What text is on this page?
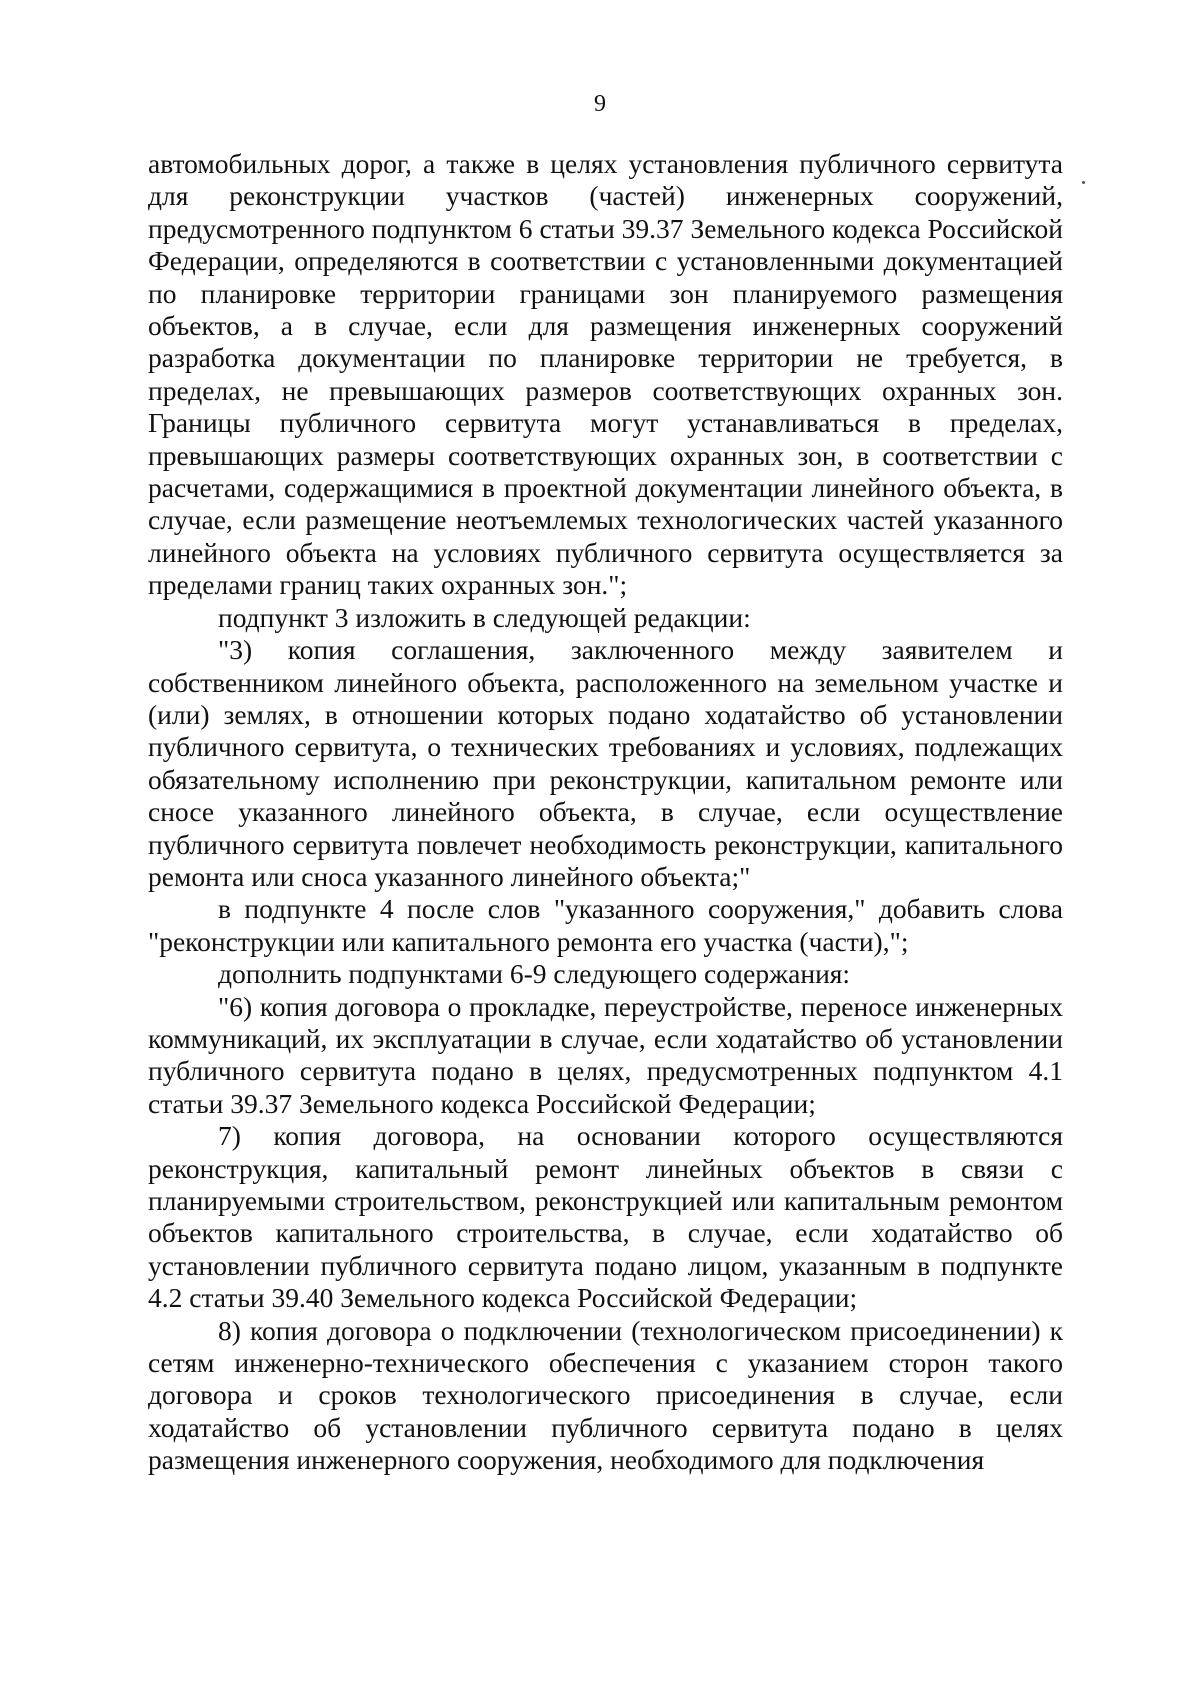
9

автомобильных дорог, а также в целях установления публичного сервитута для реконструкции участков (частей) инженерных сооружений, предусмотренного подпунктом 6 статьи 39.37 Земельного кодекса Российской Федерации, определяются в соответствии с установленными документацией по планировке территории границами зон планируемого размещения объектов, а в случае, если для размещения инженерных сооружений разработка документации по планировке территории не требуется, в пределах, не превышающих размеров соответствующих охранных зон. Границы публичного сервитута могут устанавливаться в пределах, превышающих размеры соответствующих охранных зон, в соответствии с расчетами, содержащимися в проектной документации линейного объекта, в случае, если размещение неотъемлемых технологических частей указанного линейного объекта на условиях публичного сервитута осуществляется за пределами границ таких охранных зон.";

подпункт 3 изложить в следующей редакции:

"3) копия соглашения, заключенного между заявителем и собственником линейного объекта, расположенного на земельном участке и (или) землях, в отношении которых подано ходатайство об установлении публичного сервитута, о технических требованиях и условиях, подлежащих обязательному исполнению при реконструкции, капитальном ремонте или сносе указанного линейного объекта, в случае, если осуществление публичного сервитута повлечет необходимость реконструкции, капитального ремонта или сноса указанного линейного объекта;"

в подпункте 4 после слов "указанного сооружения," добавить слова "реконструкции или капитального ремонта его участка (части),";

дополнить подпунктами 6-9 следующего содержания:

"6) копия договора о прокладке, переустройстве, переносе инженерных коммуникаций, их эксплуатации в случае, если ходатайство об установлении публичного сервитута подано в целях, предусмотренных подпунктом 4.1 статьи 39.37 Земельного кодекса Российской Федерации;

7) копия договора, на основании которого осуществляются реконструкция, капитальный ремонт линейных объектов в связи с планируемыми строительством, реконструкцией или капитальным ремонтом объектов капитального строительства, в случае, если ходатайство об установлении публичного сервитута подано лицом, указанным в подпункте 4.2 статьи 39.40 Земельного кодекса Российской Федерации;

8) копия договора о подключении (технологическом присоединении) к сетям инженерно-технического обеспечения с указанием сторон такого договора и сроков технологического присоединения в случае, если ходатайство об установлении публичного сервитута подано в целях размещения инженерного сооружения, необходимого для подключения
